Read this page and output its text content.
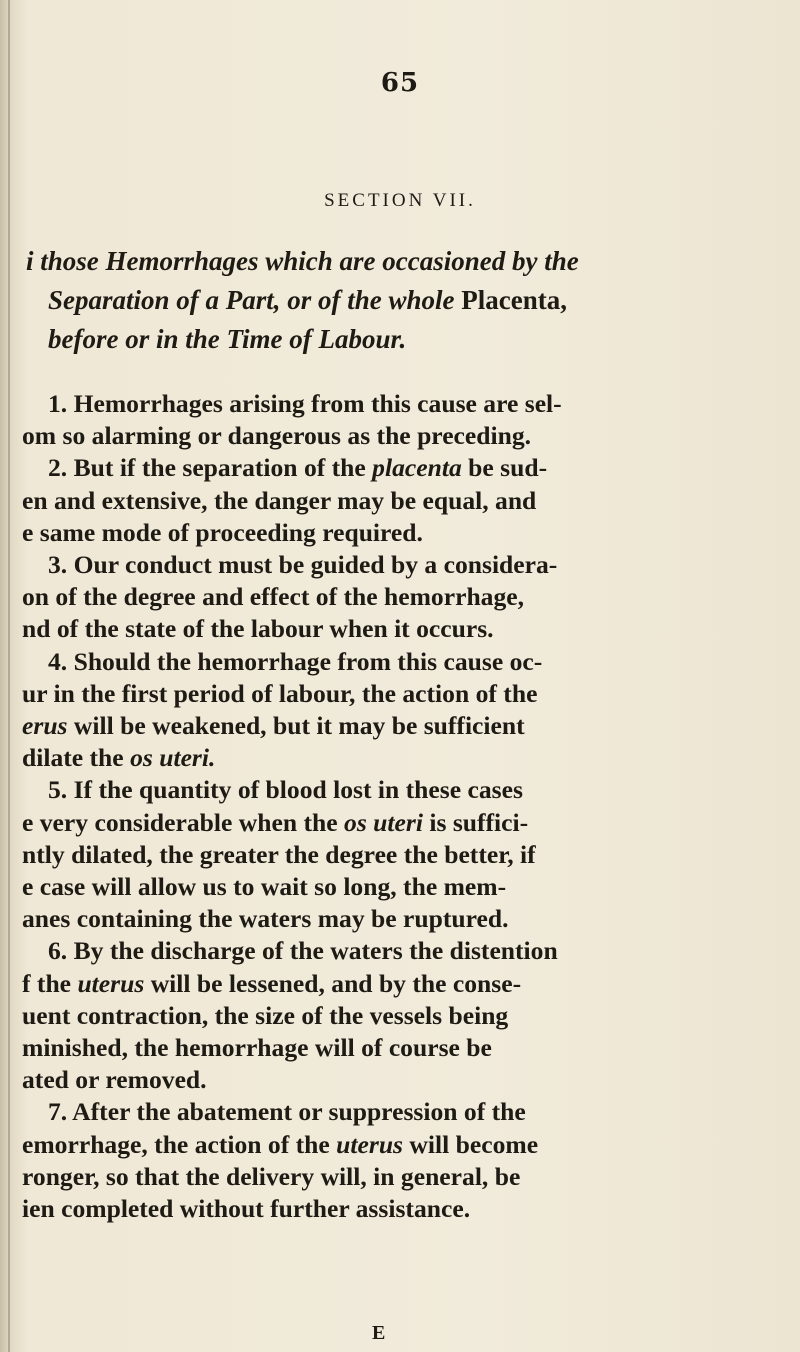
65
SECTION VII.
i those Hemorrhages which are occasioned by the
Separation of a Part, or of the whole Placenta,
before or in the Time of Labour.
1. Hemorrhages arising from this cause are sel-
om so alarming or dangerous as the preceding.
2. But if the separation of the placenta be sud-
en and extensive, the danger may be equal, and
e same mode of proceeding required.
3. Our conduct must be guided by a considera-
on of the degree and effect of the hemorrhage,
nd of the state of the labour when it occurs.
4. Should the hemorrhage from this cause oc-
ur in the first period of labour, the action of the
erus will be weakened, but it may be sufficient
dilate the os uteri.
5. If the quantity of blood lost in these cases
e very considerable when the os uteri is suffici-
ntly dilated, the greater the degree the better, if
e case will allow us to wait so long, the mem-
anes containing the waters may be ruptured.
6. By the discharge of the waters the distention
f the uterus will be lessened, and by the conse-
uent contraction, the size of the vessels being
minished, the hemorrhage will of course be
ated or removed.
7. After the abatement or suppression of the
emorrhage, the action of the uterus will become
ronger, so that the delivery will, in general, be
ien completed without further assistance.
E
